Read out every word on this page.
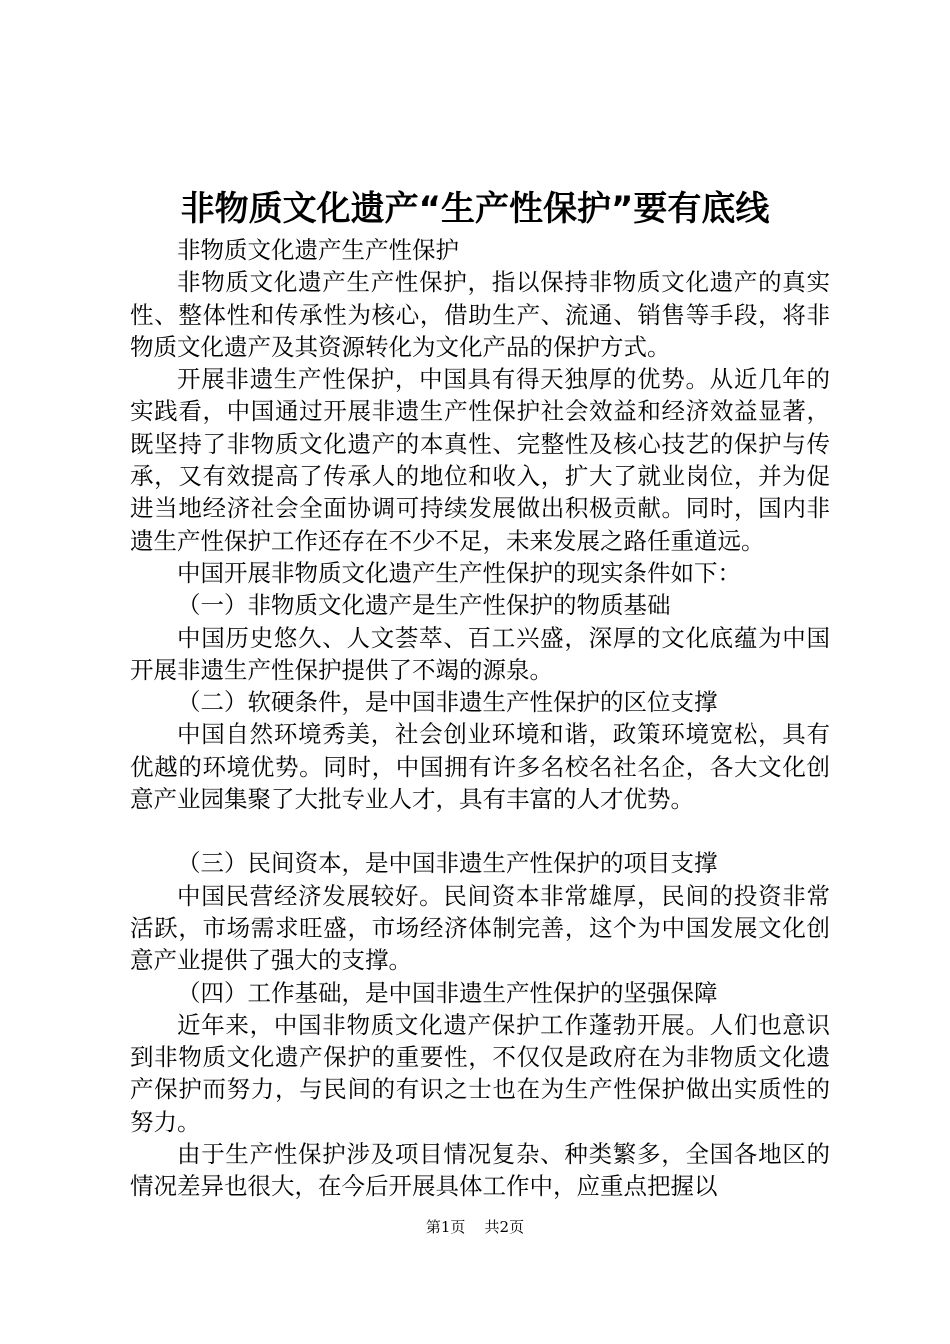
非物质文化遗产“生产性保护”要有底线

非物质文化遗产生产性保护

非物质文化遗产生产性保护，指以保持非物质文化遗产的真实性、整体性和传承性为核心，借助生产、流通、销售等手段，将非物质文化遗产及其资源转化为文化产品的保护方式。

开展非遗生产性保护，中国具有得天独厚的优势。从近几年的实践看，中国通过开展非遗生产性保护社会效益和经济效益显著，既坚持了非物质文化遗产的本真性、完整性及核心技艺的保护与传承，又有效提高了传承人的地位和收入，扩大了就业岗位，并为促进当地经济社会全面协调可持续发展做出积极贡献。同时，国内非遗生产性保护工作还存在不少不足，未来发展之路任重道远。

中国开展非物质文化遗产生产性保护的现实条件如下：

（一）非物质文化遗产是生产性保护的物质基础

中国历史悠久、人文荟萃、百工兴盛，深厚的文化底蕴为中国开展非遗生产性保护提供了不竭的源泉。

（二）软硬条件，是中国非遗生产性保护的区位支撑

中国自然环境秀美，社会创业环境和谐，政策环境宽松，具有优越的环境优势。同时，中国拥有许多名校名社名企，各大文化创意产业园集聚了大批专业人才，具有丰富的人才优势。

（三）民间资本，是中国非遗生产性保护的项目支撑

中国民营经济发展较好。民间资本非常雄厚，民间的投资非常活跃，市场需求旺盛，市场经济体制完善，这个为中国发展文化创意产业提供了强大的支撑。

（四）工作基础，是中国非遗生产性保护的坚强保障

近年来，中国非物质文化遗产保护工作蓬勃开展。人们也意识到非物质文化遗产保护的重要性，不仅仅是政府在为非物质文化遗产保护而努力，与民间的有识之士也在为生产性保护做出实质性的努力。

由于生产性保护涉及项目情况复杂、种类繁多，全国各地区的情况差异也很大，在今后开展具体工作中，应重点把握以

第1页 共2页
